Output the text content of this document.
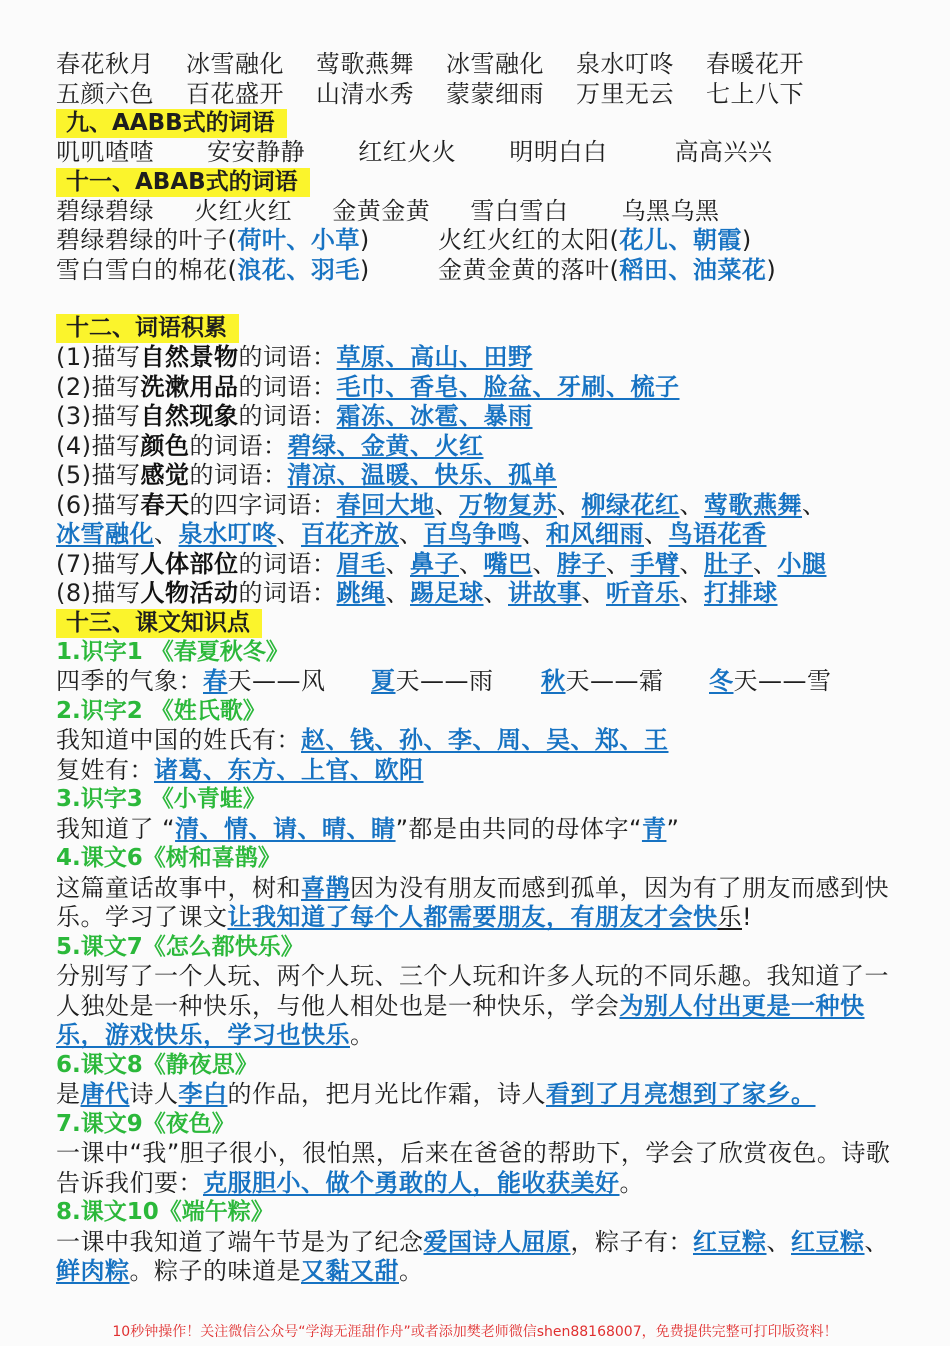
春花秋月	冰雪融化	莺歌燕舞	冰雪融化	泉水叮咚	春暖花开
五颜六色	百花盛开	山清水秀	蒙蒙细雨	万里无云	七上八下
九、AABB式的词语
叽叽喳喳 安安静静 红红火火 明明白白	高高兴兴
十一、ABAB式的词语
碧绿碧绿 火红火红 金黄金黄 雪白雪白 乌黑乌黑
碧绿碧绿的叶子(荷叶、小草)	火红火红的太阳(花儿、朝霞)
雪白雪白的棉花(浪花、羽毛)	金黄金黄的落叶(稻田、油菜花)
十二、词语积累
(1)描写自然景物的词语：草原、高山、田野
(2)描写洗漱用品的词语：毛巾、香皂、脸盆、牙刷、梳子
(3)描写自然现象的词语：霜冻、冰雹、暴雨
(4)描写颜色的词语：碧绿、金黄、火红
(5)描写感觉的词语：清凉、温暖、快乐、孤单
(6)描写春天的四字词语：春回大地、万物复苏、柳绿花红、莺歌燕舞、
冰雪融化、泉水叮咚、百花齐放、百鸟争鸣、和风细雨、鸟语花香
(7)描写人体部位的词语：眉毛、鼻子、嘴巴、脖子、手臂、肚子、小腿
(8)描写人物活动的词语：跳绳、踢足球、讲故事、听音乐、打排球
十三、课文知识点
1.识字1 《春夏秋冬》
四季的气象：春天——风 夏天——雨 秋天——霜 冬天——雪
2.识字2 《姓氏歌》
我知道中国的姓氏有：赵、钱、孙、李、周、吴、郑、王
复姓有：诸葛、东方、上官、欧阳
3.识字3 《小青蛙》
我知道了 “清、情、请、晴、睛”都是由共同的母体字“青”
4.课文6《树和喜鹊》
这篇童话故事中，树和喜鹊因为没有朋友而感到孤单，因为有了朋友而感到快乐。学习了课文让我知道了每个人都需要朋友，有朋友才会快乐!
5.课文7《怎么都快乐》
分别写了一个人玩、两个人玩、三个人玩和许多人玩的不同乐趣。我知道了一人独处是一种快乐，与他人相处也是一种快乐，学会为别人付出更是一种快乐，游戏快乐，学习也快乐。
6.课文8《静夜思》
是唐代诗人李白的作品，把月光比作霜，诗人看到了月亮想到了家乡。
7.课文9《夜色》
一课中“我”胆子很小，很怕黑，后来在爸爸的帮助下，学会了欣赏夜色。诗歌告诉我们要：克服胆小、做个勇敢的人，能收获美好。
8.课文10《端午粽》
一课中我知道了端午节是为了纪念爱国诗人屈原，粽子有：红豆粽、红豆粽、鲜肉粽。粽子的味道是又黏又甜。
10秒钟操作！关注微信公众号“学海无涯甜作舟”或者添加樊老师微信shen88168007，免费提供完整可打印版资料！
